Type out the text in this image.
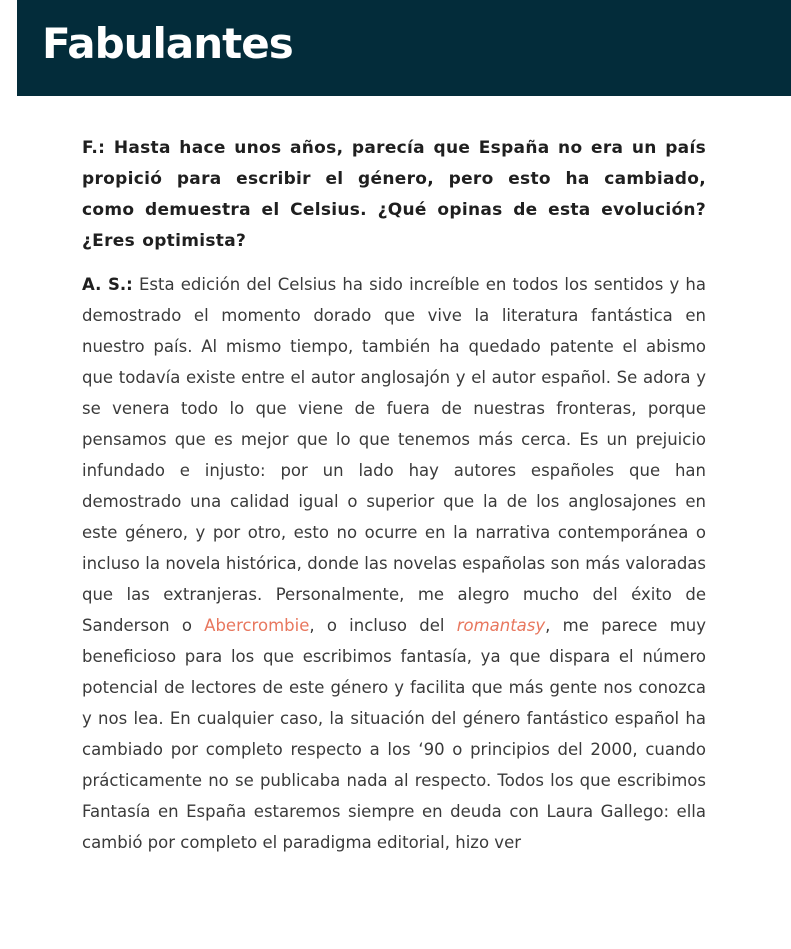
Fabulantes

F.: Hasta hace unos años, parecía que España no era un país propició para escribir el género, pero esto ha cambiado, como demuestra el Celsius. ¿Qué opinas de esta evolución? ¿Eres optimista?

A. S.: Esta edición del Celsius ha sido increíble en todos los sentidos y ha demostrado el momento dorado que vive la literatura fantástica en nuestro país. Al mismo tiempo, también ha quedado patente el abismo que todavía existe entre el autor anglosajón y el autor español. Se adora y se venera todo lo que viene de fuera de nuestras fronteras, porque pensamos que es mejor que lo que tenemos más cerca. Es un prejuicio infundado e injusto: por un lado hay autores españoles que han demostrado una calidad igual o superior que la de los anglosajones en este género, y por otro, esto no ocurre en la narrativa contemporánea o incluso la novela histórica, donde las novelas españolas son más valoradas que las extranjeras. Personalmente, me alegro mucho del éxito de Sanderson o Abercrombie, o incluso del romantasy, me parece muy beneficioso para los que escribimos fantasía, ya que dispara el número potencial de lectores de este género y facilita que más gente nos conozca y nos lea. En cualquier caso, la situación del género fantástico español ha cambiado por completo respecto a los ‘90 o principios del 2000, cuando prácticamente no se publicaba nada al respecto. Todos los que escribimos Fantasía en España estaremos siempre en deuda con Laura Gallego: ella cambió por completo el paradigma editorial, hizo ver
